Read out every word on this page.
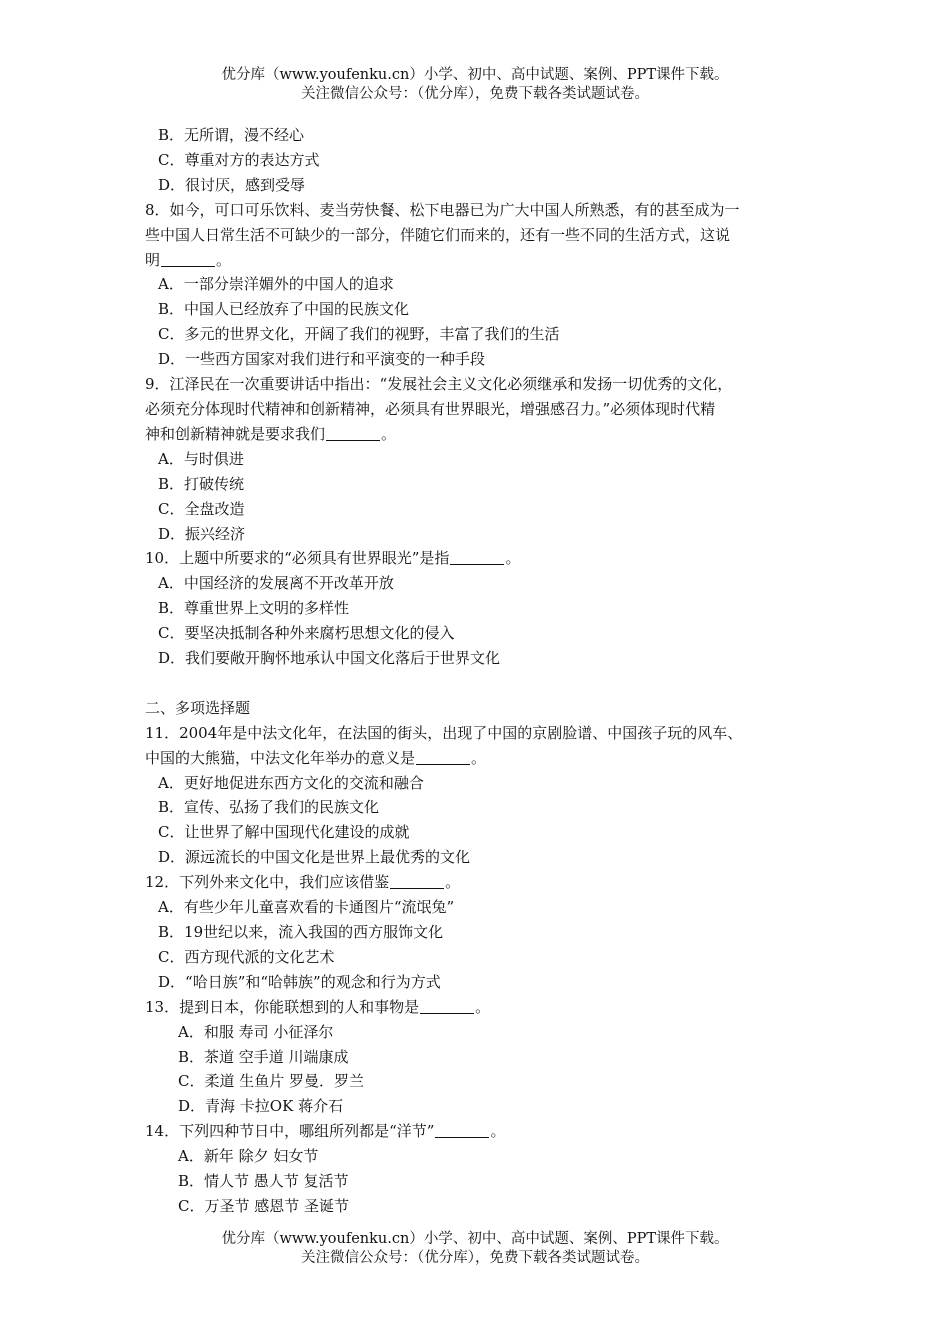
优分库（www.youfenku.cn）小学、初中、高中试题、案例、PPT课件下载。
关注微信公众号：（优分库），免费下载各类试题试卷。

B．无所谓，漫不经心

C．尊重对方的表达方式

D．很讨厌，感到受辱

8．如今，可口可乐饮料、麦当劳快餐、松下电器已为广大中国人所熟悉，有的甚至成为一

些中国人日常生活不可缺少的一部分，伴随它们而来的，还有一些不同的生活方式，这说

明	。

A．一部分崇洋媚外的中国人的追求

B．中国人已经放弃了中国的民族文化

C．多元的世界文化，开阔了我们的视野，丰富了我们的生活

D．一些西方国家对我们进行和平演变的一种手段

9．江泽民在一次重要讲话中指出：“发展社会主义文化必须继承和发扬一切优秀的文化，

必须充分体现时代精神和创新精神，必须具有世界眼光，增强感召力。”必须体现时代精

神和创新精神就是要求我们	。

A．与时俱进

B．打破传统

C．全盘改造

D．振兴经济

10．上题中所要求的“必须具有世界眼光”是指	。

A．中国经济的发展离不开改革开放

B．尊重世界上文明的多样性

C．要坚决抵制各种外来腐朽思想文化的侵入

D．我们要敞开胸怀地承认中国文化落后于世界文化

二、多项选择题

11．2004年是中法文化年，在法国的街头，出现了中国的京剧脸谱、中国孩子玩的风车、

中国的大熊猫，中法文化年举办的意义是	。

A．更好地促进东西方文化的交流和融合

B．宣传、弘扬了我们的民族文化

C．让世界了解中国现代化建设的成就

D．源远流长的中国文化是世界上最优秀的文化

12．下列外来文化中，我们应该借鉴	。

A．有些少年儿童喜欢看的卡通图片“流氓兔”

B．19世纪以来，流入我国的西方服饰文化

C．西方现代派的文化艺术

D．“哈日族”和“哈韩族”的观念和行为方式

13．提到日本，你能联想到的人和事物是	。

A．和服 寿司 小征泽尔

B．茶道 空手道 川端康成

C．柔道 生鱼片 罗曼．罗兰

D．青海 卡拉OK 蒋介石

14．下列四种节日中，哪组所列都是“洋节”	。

A．新年 除夕 妇女节

B．情人节 愚人节 复活节

C．万圣节 感恩节 圣诞节

优分库（www.youfenku.cn）小学、初中、高中试题、案例、PPT课件下载。
关注微信公众号：（优分库），免费下载各类试题试卷。
